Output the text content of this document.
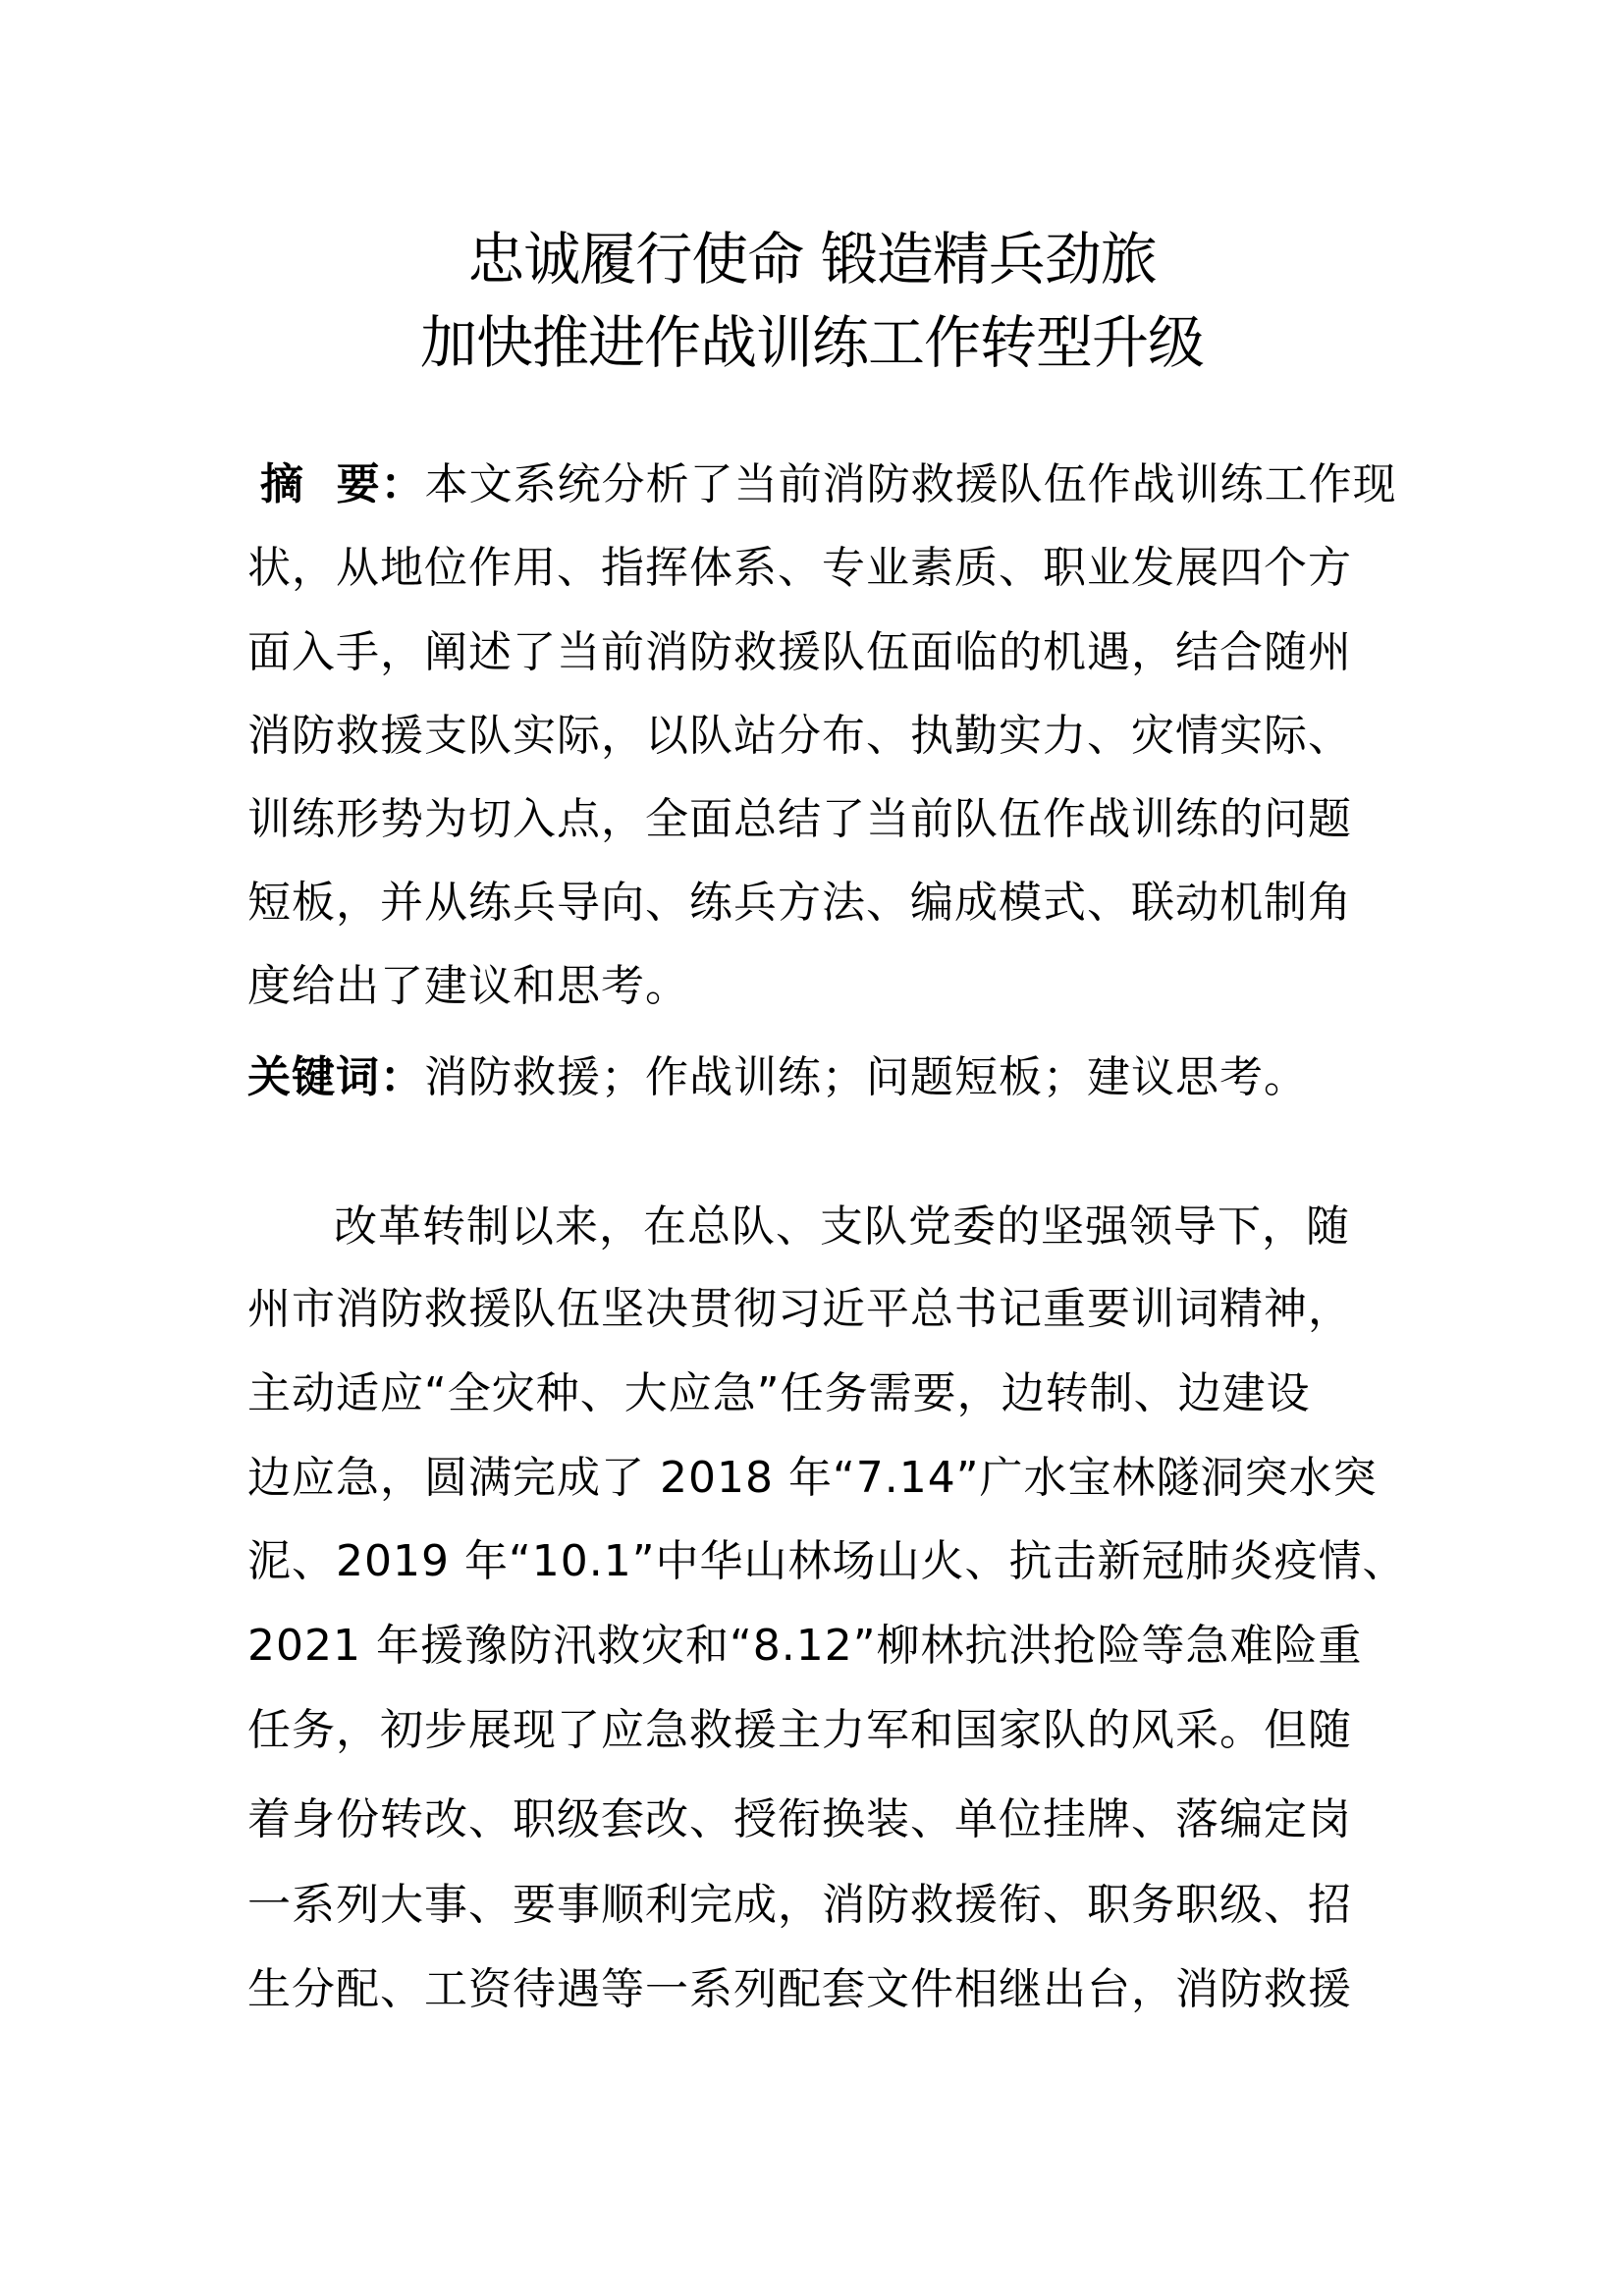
忠诚履行使命 锻造精兵劲旅
加快推进作战训练工作转型升级
摘  要：本文系统分析了当前消防救援队伍作战训练工作现
状，从地位作用、指挥体系、专业素质、职业发展四个方
面入手，阐述了当前消防救援队伍面临的机遇，结合随州
消防救援支队实际，以队站分布、执勤实力、灾情实际、
训练形势为切入点，全面总结了当前队伍作战训练的问题
短板，并从练兵导向、练兵方法、编成模式、联动机制角
度给出了建议和思考。
关键词：消防救援；作战训练；问题短板；建议思考。
改革转制以来，在总队、支队党委的坚强领导下，随
州市消防救援队伍坚决贯彻习近平总书记重要训词精神，
主动适应“全灾种、大应急”任务需要，边转制、边建设
边应急，圆满完成了 2018 年“7.14”广水宝林隧洞突水突
泥、2019 年“10.1”中华山林场山火、抗击新冠肺炎疫情、
2021 年援豫防汛救灾和“8.12”柳林抗洪抢险等急难险重
任务，初步展现了应急救援主力军和国家队的风采。但随
着身份转改、职级套改、授衔换装、单位挂牌、落编定岗
一系列大事、要事顺利完成，消防救援衔、职务职级、招
生分配、工资待遇等一系列配套文件相继出台，消防救援
